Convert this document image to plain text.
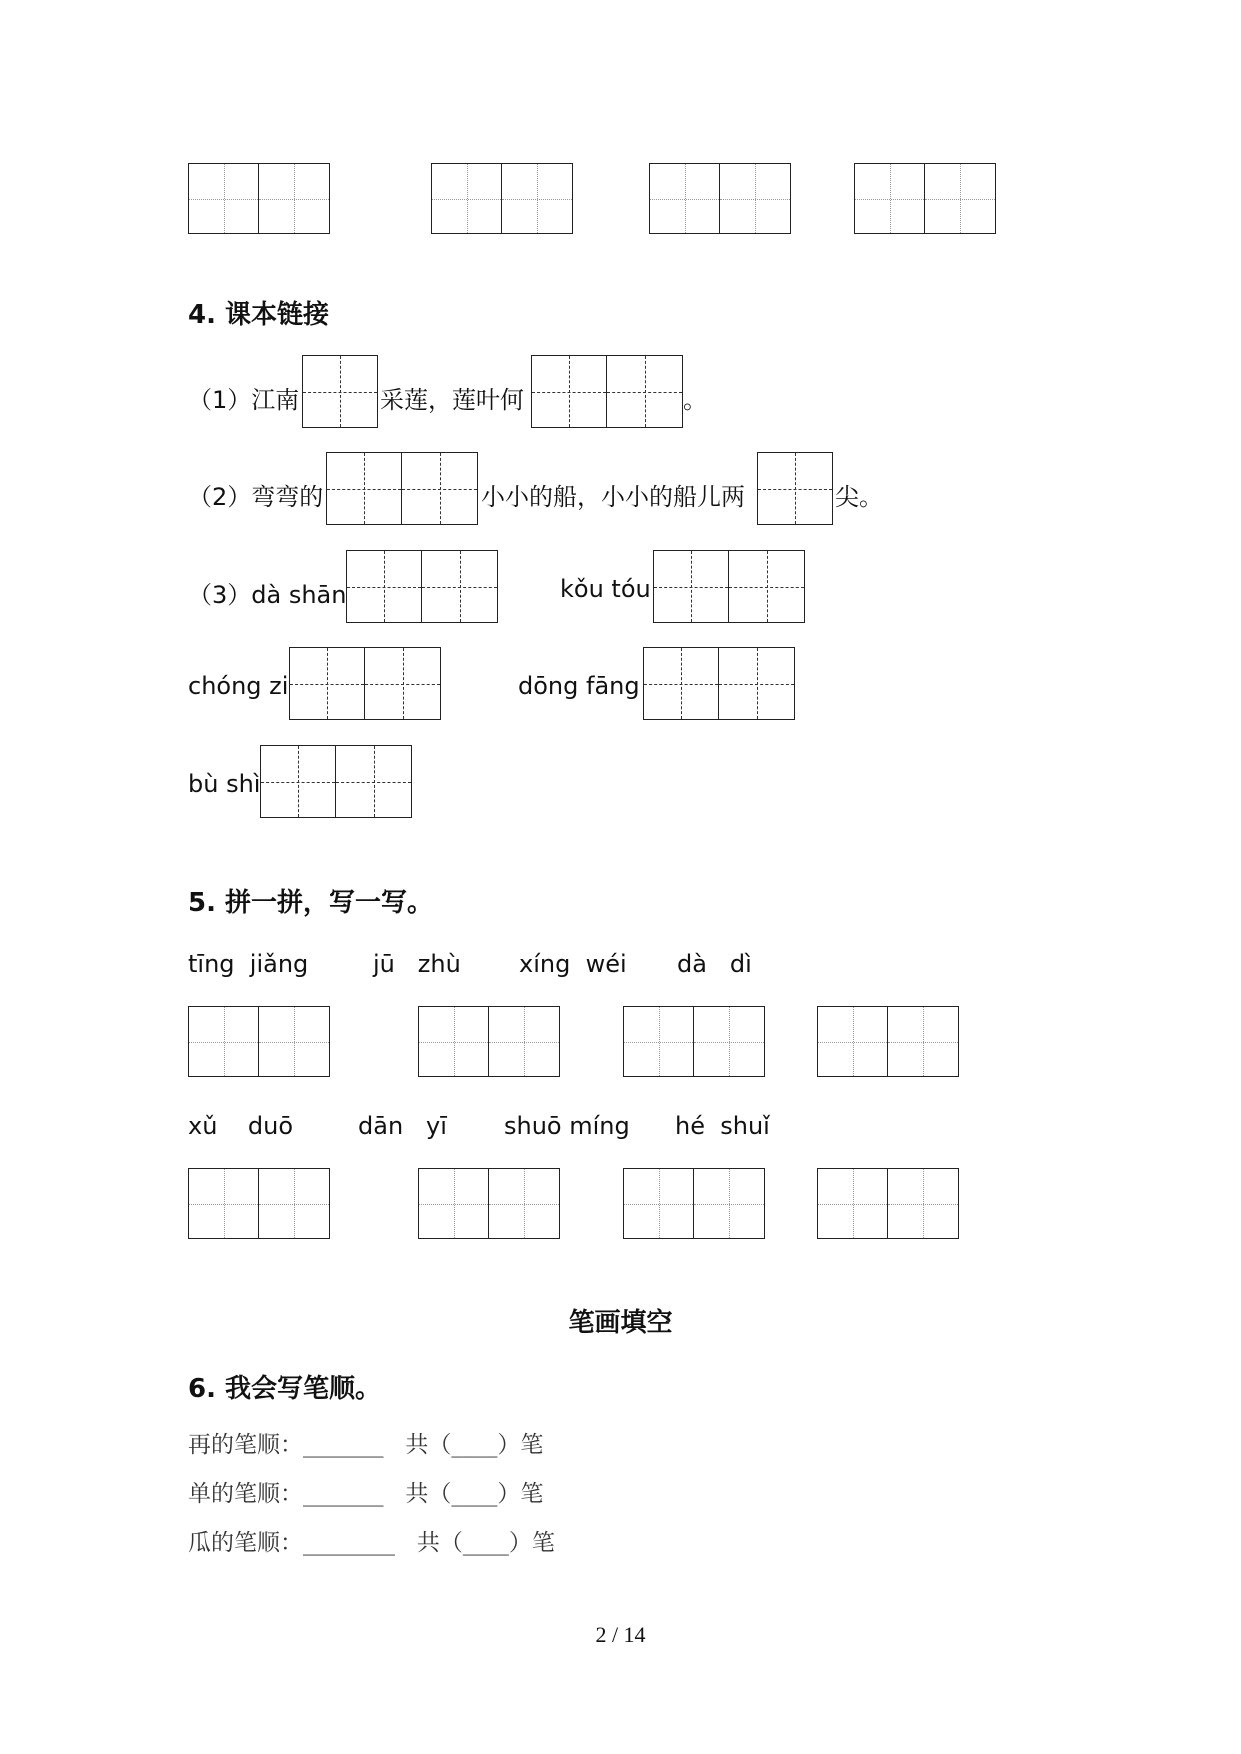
4. 课本链接
（1）江南	采莲，莲叶何	。
（2）弯弯的	小小的船，小小的船儿两	尖。
（3）dà shān	kǒu tóu
chóng zi	dōng fāng
bù shì
5. 拼一拼，写一写。
tīng  jiǎng	jū   zhù xíng  wéi dà   dì
xǔ    duō	dān   yī shuō míng hé  shuǐ
笔画填空
6. 我会写笔顺。
再的笔顺：_______   共（____）笔
单的笔顺：_______   共（____）笔
瓜的笔顺：________   共（____）笔
2 / 14
